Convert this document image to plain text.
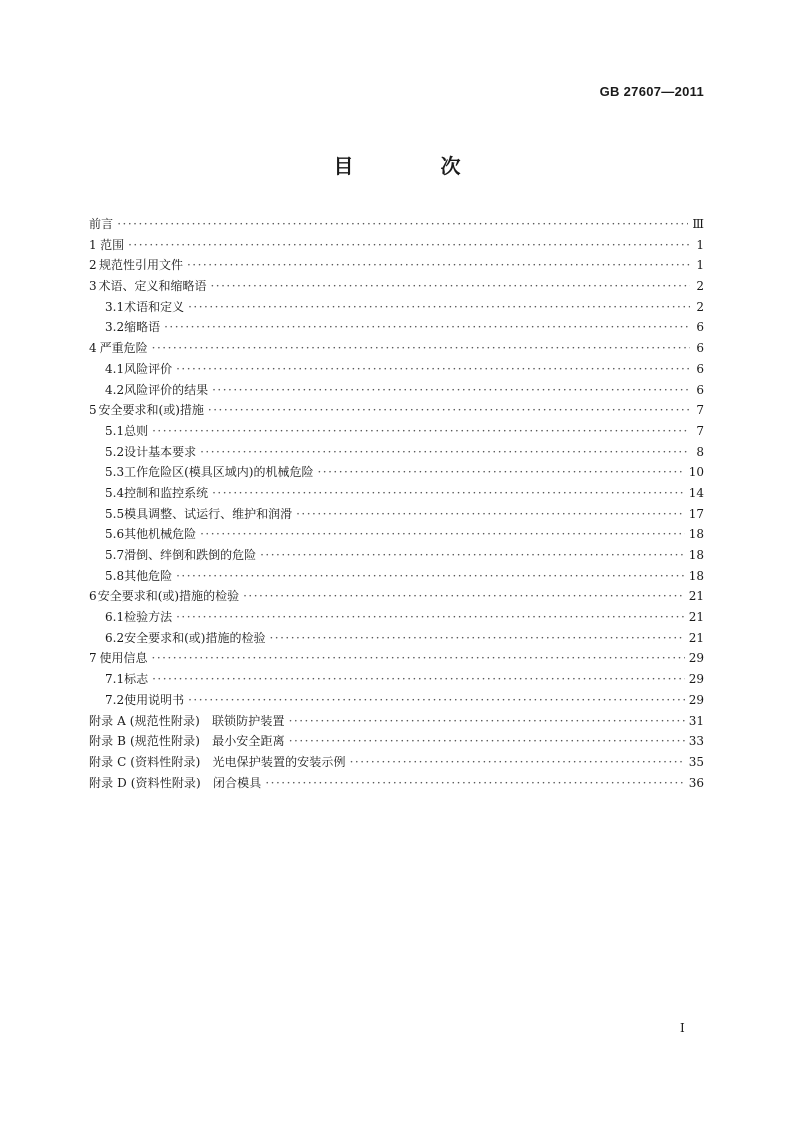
GB 27607—2011
目 次
前言 ·····	Ⅲ
1 范围 ·····	1
2 规范性引用文件 ·····	1
3 术语、定义和缩略语 ·····	2
3.1 术语和定义 ·····	2
3.2 缩略语 ·····	6
4 严重危险 ·····	6
4.1 风险评价 ·····	6
4.2 风险评价的结果 ·····	6
5 安全要求和(或)措施 ·····	7
5.1 总则 ·····	7
5.2 设计基本要求 ·····	8
5.3 工作危险区(模具区域内)的机械危险 ·····	10
5.4 控制和监控系统 ·····	14
5.5 模具调整、试运行、维护和润滑 ·····	17
5.6 其他机械危险 ·····	18
5.7 滑倒、绊倒和跌倒的危险 ·····	18
5.8 其他危险 ·····	18
6 安全要求和(或)措施的检验 ·····	21
6.1 检验方法 ·····	21
6.2 安全要求和(或)措施的检验 ·····	21
7 使用信息 ·····	29
7.1 标志 ·····	29
7.2 使用说明书 ·····	29
附录 A (规范性附录)　联锁防护装置 ·····	31
附录 B (规范性附录)　最小安全距离 ·····	33
附录 C (资料性附录)　光电保护装置的安装示例 ·····	35
附录 D (资料性附录)　闭合模具 ·····	36
I
